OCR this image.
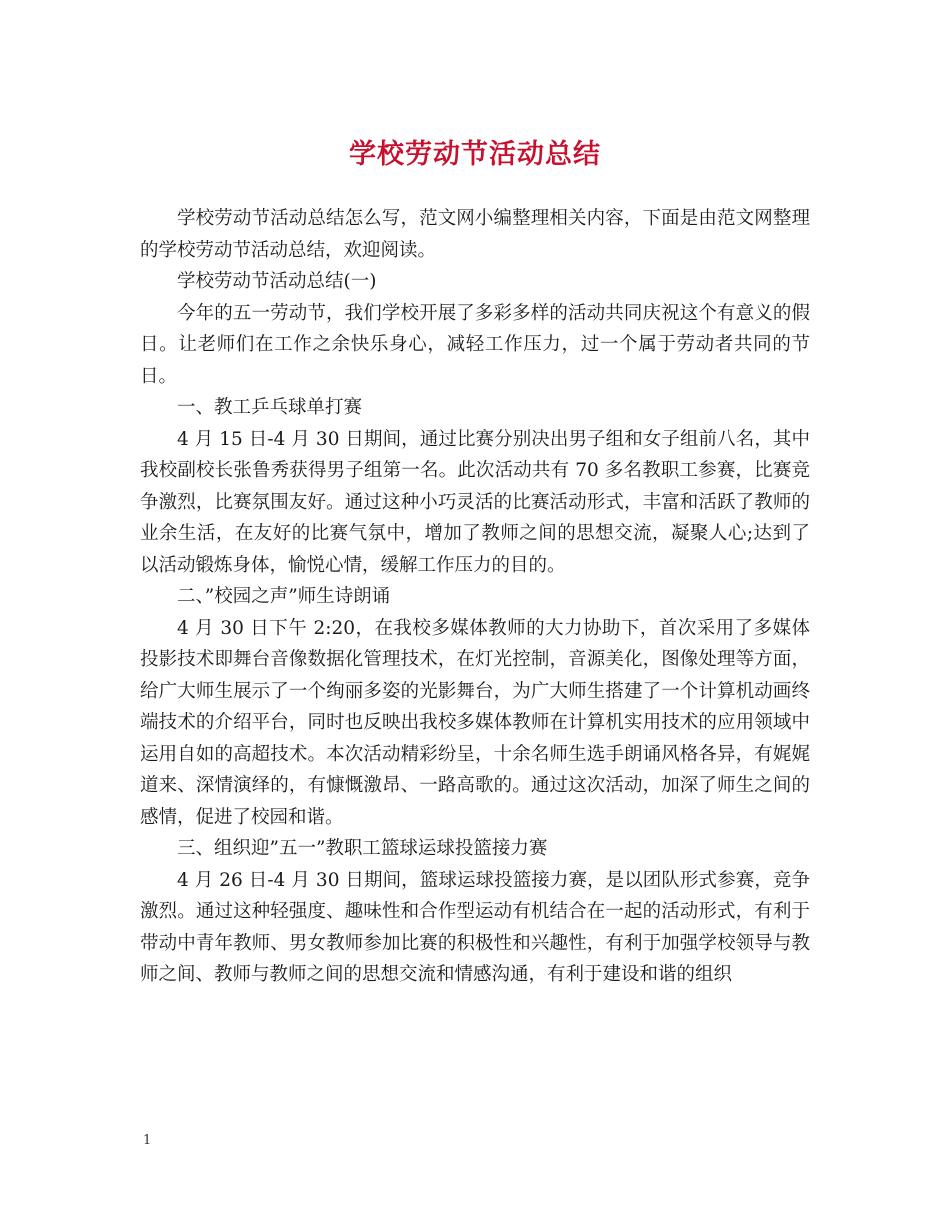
学校劳动节活动总结

学校劳动节活动总结怎么写，范文网小编整理相关内容，下面是由范文网整理的学校劳动节活动总结，欢迎阅读。

学校劳动节活动总结(一)

今年的五一劳动节，我们学校开展了多彩多样的活动共同庆祝这个有意义的假日。让老师们在工作之余快乐身心，减轻工作压力，过一个属于劳动者共同的节日。

一、教工乒乓球单打赛

4 月 15 日-4 月 30 日期间，通过比赛分别决出男子组和女子组前八名，其中我校副校长张鲁秀获得男子组第一名。此次活动共有 70 多名教职工参赛，比赛竞争激烈，比赛氛围友好。通过这种小巧灵活的比赛活动形式，丰富和活跃了教师的业余生活，在友好的比赛气氛中，增加了教师之间的思想交流，凝聚人心;达到了以活动锻炼身体，愉悦心情，缓解工作压力的目的。

二、”校园之声”师生诗朗诵

4 月 30 日下午 2:20，在我校多媒体教师的大力协助下，首次采用了多媒体投影技术即舞台音像数据化管理技术，在灯光控制，音源美化，图像处理等方面，给广大师生展示了一个绚丽多姿的光影舞台，为广大师生搭建了一个计算机动画终端技术的介绍平台，同时也反映出我校多媒体教师在计算机实用技术的应用领域中运用自如的高超技术。本次活动精彩纷呈，十余名师生选手朗诵风格各异，有娓娓道来、深情演绎的，有慷慨激昂、一路高歌的。通过这次活动，加深了师生之间的感情，促进了校园和谐。

三、组织迎”五一”教职工篮球运球投篮接力赛

4 月 26 日-4 月 30 日期间，篮球运球投篮接力赛，是以团队形式参赛，竞争激烈。通过这种轻强度、趣味性和合作型运动有机结合在一起的活动形式，有利于带动中青年教师、男女教师参加比赛的积极性和兴趣性，有利于加强学校领导与教师之间、教师与教师之间的思想交流和情感沟通，有利于建设和谐的组织

1
